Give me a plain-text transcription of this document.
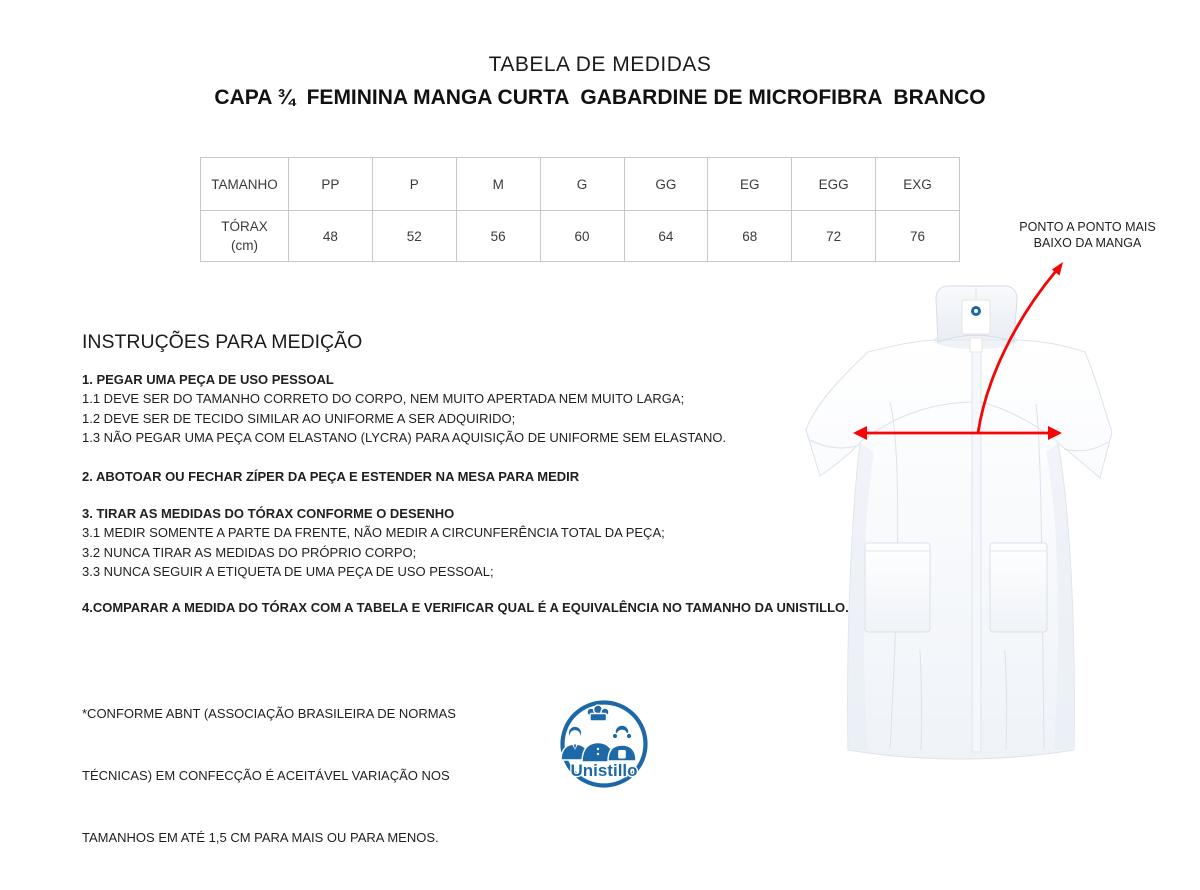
TABELA DE MEDIDAS
CAPA ¾  FEMININA MANGA CURTA  GABARDINE DE MICROFIBRA  BRANCO
TAMANHO	PP	P	M	G	GG	EG	EGG	EXG

TÓRAX
(cm)	48	52	56	60	64	68	72	76
PONTO A PONTO MAIS
BAIXO DA MANGA
INSTRUÇÕES PARA MEDIÇÃO
1. PEGAR UMA PEÇA DE USO PESSOAL
1.1 DEVE SER DO TAMANHO CORRETO DO CORPO, NEM MUITO APERTADA NEM MUITO LARGA;
1.2 DEVE SER DE TECIDO SIMILAR AO UNIFORME A SER ADQUIRIDO;
1.3 NÃO PEGAR UMA PEÇA COM ELASTANO (LYCRA) PARA AQUISIÇÃO DE UNIFORME SEM ELASTANO.
2. ABOTOAR OU FECHAR ZÍPER DA PEÇA E ESTENDER NA MESA PARA MEDIR
3. TIRAR AS MEDIDAS DO TÓRAX CONFORME O DESENHO
3.1 MEDIR SOMENTE A PARTE DA FRENTE, NÃO MEDIR A CIRCUNFERÊNCIA TOTAL DA PEÇA;
3.2 NUNCA TIRAR AS MEDIDAS DO PRÓPRIO CORPO;
3.3 NUNCA SEGUIR A ETIQUETA DE UMA PEÇA DE USO PESSOAL;
4.COMPARAR A MEDIDA DO TÓRAX COM A TABELA E VERIFICAR QUAL É A EQUIVALÊNCIA NO TAMANHO DA UNISTILLO.

*CONFORME ABNT (ASSOCIAÇÃO BRASILEIRA DE NORMAS

TÉCNICAS) EM CONFECÇÃO É ACEITÁVEL VARIAÇÃO NOS

TAMANHOS EM ATÉ 1,5 CM PARA MAIS OU PARA MENOS.

Unistillo
